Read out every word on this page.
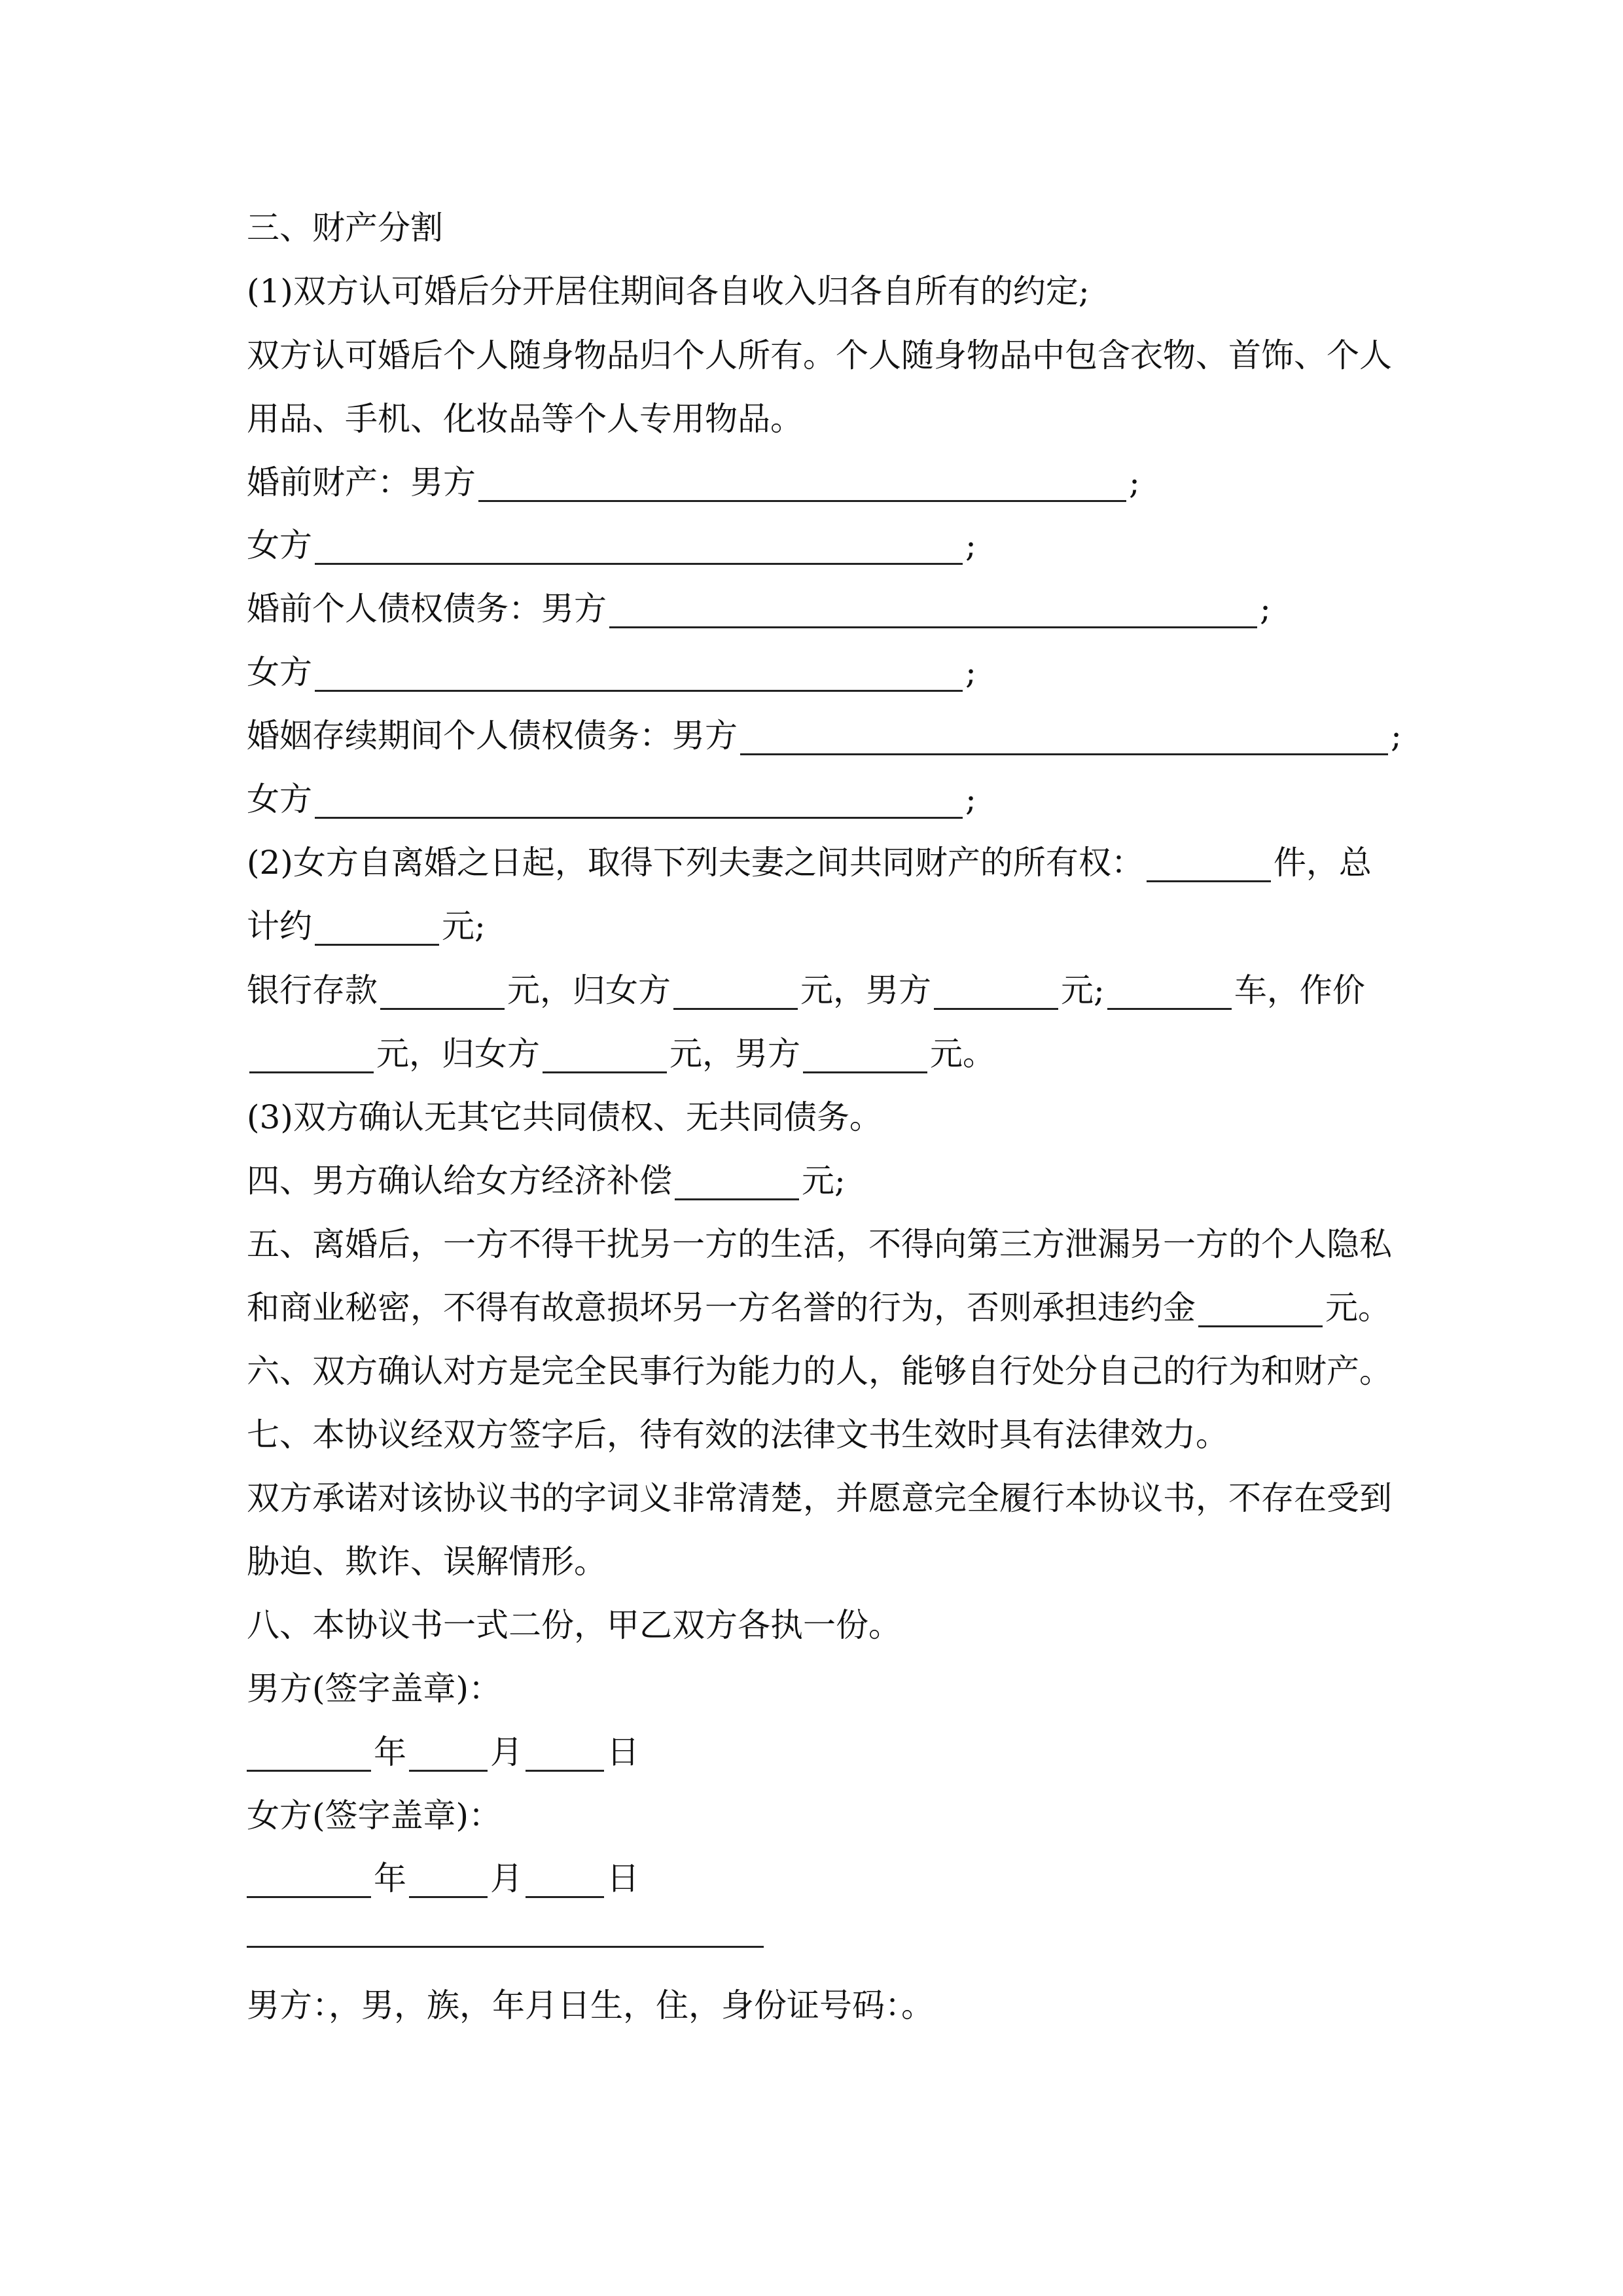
三、财产分割
(1)双方认可婚后分开居住期间各自收入归各自所有的约定;
双方认可婚后个人随身物品归个人所有。个人随身物品中包含衣物、首饰、个人
用品、手机、化妆品等个人专用物品。
婚前财产：男方	;
女方	;
婚前个人债权债务：男方	;
女方	;
婚姻存续期间个人债权债务：男方	;
女方	;
(2)女方自离婚之日起，取得下列夫妻之间共同财产的所有权：	件，总
计约	元;
银行存款	元，归女方	元，男方	元;	车，作价
元，归女方	元，男方	元。
(3)双方确认无其它共同债权、无共同债务。
四、男方确认给女方经济补偿	元;
五、离婚后，一方不得干扰另一方的生活，不得向第三方泄漏另一方的个人隐私
和商业秘密，不得有故意损坏另一方名誉的行为，否则承担违约金	元。
六、双方确认对方是完全民事行为能力的人，能够自行处分自己的行为和财产。
七、本协议经双方签字后，待有效的法律文书生效时具有法律效力。
双方承诺对该协议书的字词义非常清楚，并愿意完全履行本协议书，不存在受到
胁迫、欺诈、误解情形。
八、本协议书一式二份，甲乙双方各执一份。
男方(签字盖章)：
年	月	日
女方(签字盖章)：
年	月	日
男方：，男，族，年月日生，住，身份证号码：。
